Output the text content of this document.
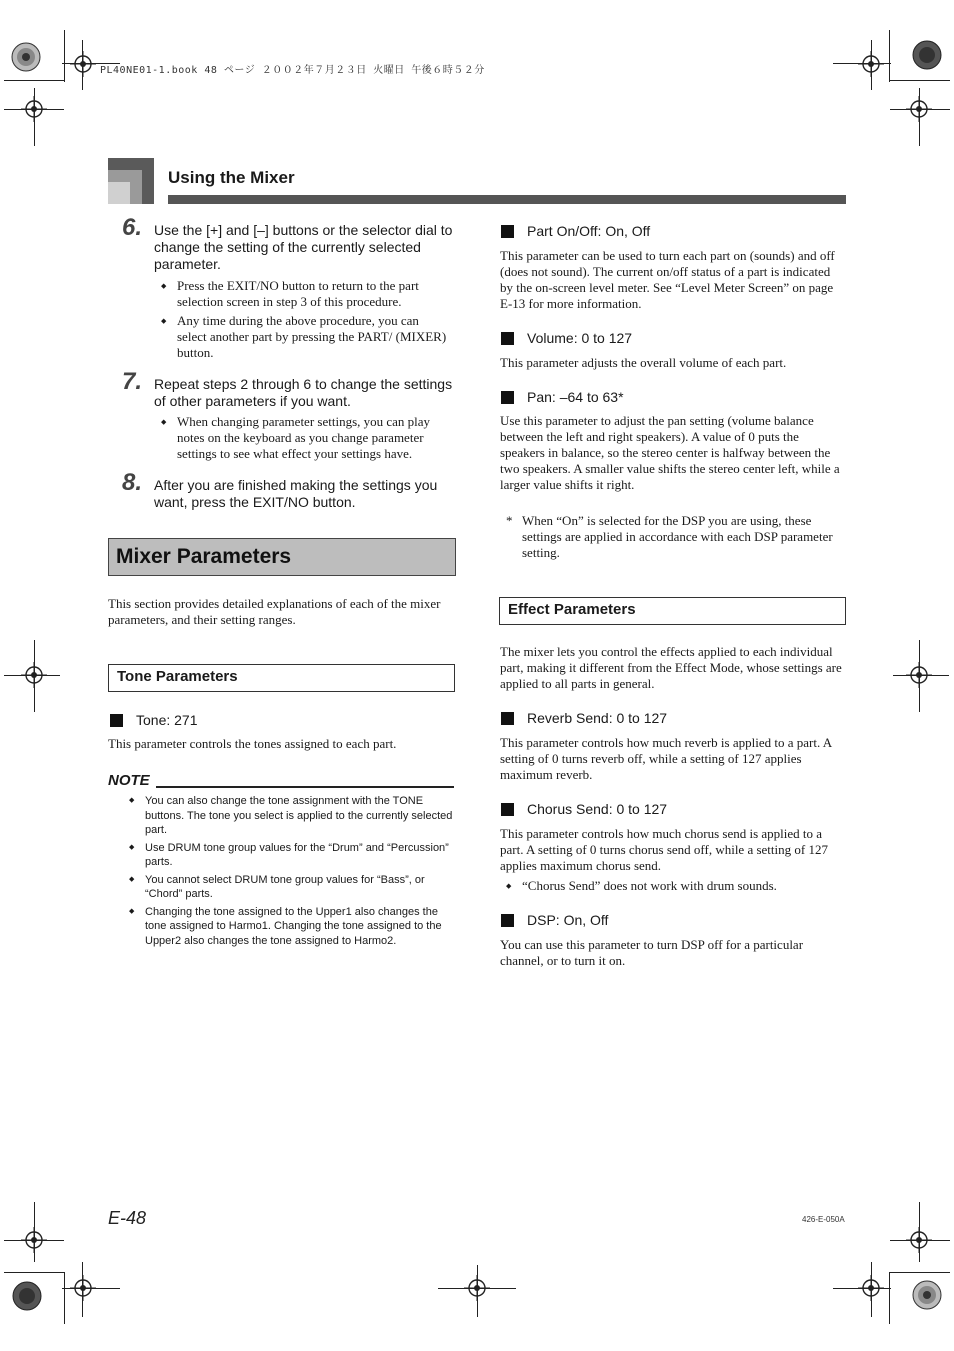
PL40NE01-1.book 48 ページ ２００２年７月２３日 火曜日 午後６時５２分
Using the Mixer
6. Use the [+] and [–] buttons or the selector dial to change the setting of the currently selected parameter.
◆ Press the EXIT/NO button to return to the part selection screen in step 3 of this procedure.
◆ Any time during the above procedure, you can select another part by pressing the PART/ (MIXER) button.
7. Repeat steps 2 through 6 to change the settings of other parameters if you want.
◆ When changing parameter settings, you can play notes on the keyboard as you change parameter settings to see what effect your settings have.
8. After you are finished making the settings you want, press the EXIT/NO button.
Mixer Parameters
This section provides detailed explanations of each of the mixer parameters, and their setting ranges.
Tone Parameters
Tone: 271
This parameter controls the tones assigned to each part.
NOTE
◆ You can also change the tone assignment with the TONE buttons. The tone you select is applied to the currently selected part.
◆ Use DRUM tone group values for the “Drum” and “Percussion” parts.
◆ You cannot select DRUM tone group values for “Bass”, or “Chord” parts.
◆ Changing the tone assigned to the Upper1 also changes the tone assigned to Harmo1. Changing the tone assigned to the Upper2 also changes the tone assigned to Harmo2.
Part On/Off: On, Off
This parameter can be used to turn each part on (sounds) and off (does not sound). The current on/off status of a part is indicated by the on-screen level meter. See “Level Meter Screen” on page E-13 for more information.
Volume: 0 to 127
This parameter adjusts the overall volume of each part.
Pan: –64 to 63*
Use this parameter to adjust the pan setting (volume balance between the left and right speakers). A value of 0 puts the speakers in balance, so the stereo center is halfway between the two speakers. A smaller value shifts the stereo center left, while a larger value shifts it right.
* When “On” is selected for the DSP you are using, these settings are applied in accordance with each DSP parameter setting.
Effect Parameters
The mixer lets you control the effects applied to each individual part, making it different from the Effect Mode, whose settings are applied to all parts in general.
Reverb Send: 0 to 127
This parameter controls how much reverb is applied to a part. A setting of 0 turns reverb off, while a setting of 127 applies maximum reverb.
Chorus Send: 0 to 127
This parameter controls how much chorus send is applied to a part. A setting of 0 turns chorus send off, while a setting of 127 applies maximum chorus send.
◆ “Chorus Send” does not work with drum sounds.
DSP: On, Off
You can use this parameter to turn DSP off for a particular channel, or to turn it on.
E-48	426-E-050A
